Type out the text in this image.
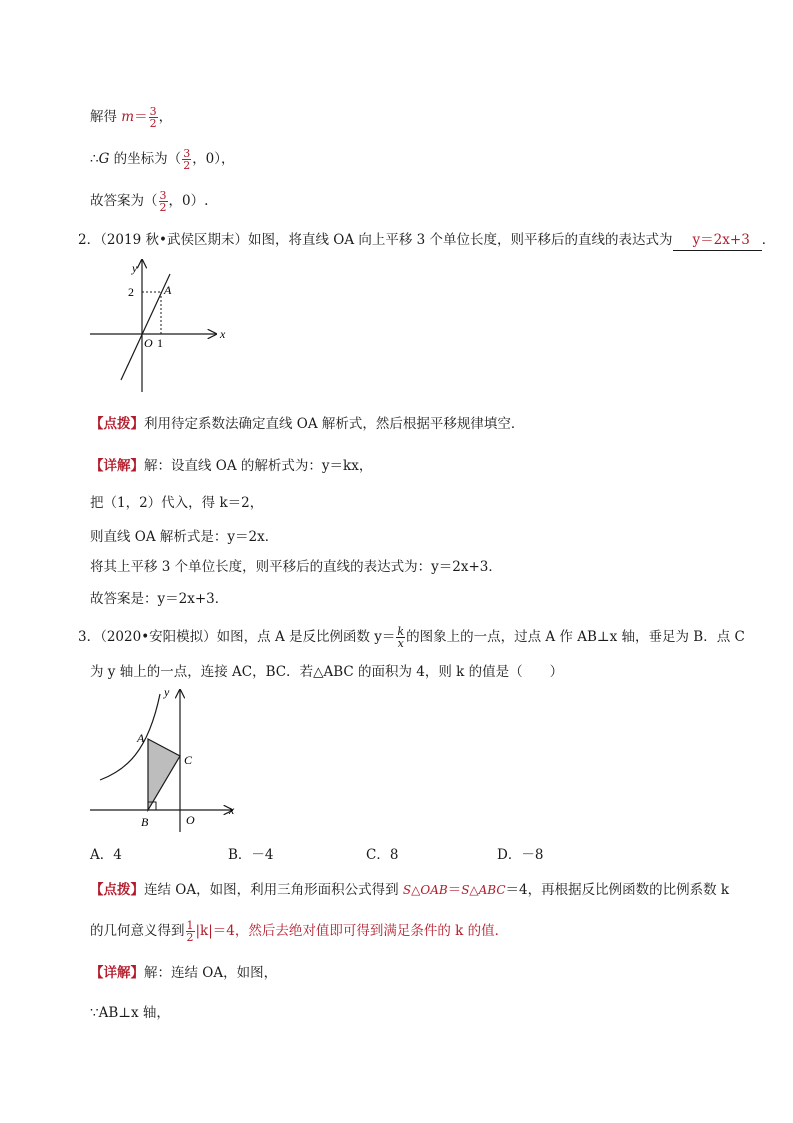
解得 $m= \frac{3}{2}$ ，
∴G 的坐标为（ $\frac{3}{2}$ ，0），
故答案为（ $\frac{3}{2}$ ，0）.
2．（2019 秋•武侯区期末）如图，将直线 OA 向上平移 3 个单位长度，则平移后的直线的表达式为 y＝2x+3 ．
y
x
O 1
2	A
【点拨】利用待定系数法确定直线 OA 解析式，然后根据平移规律填空．
【详解】解：设直线 OA 的解析式为：y＝kx，
把（1，2）代入，得 k＝2，
则直线 OA 解析式是：y＝2x．
将其上平移 3 个单位长度，则平移后的直线的表达式为：y＝2x+3．
故答案是：y＝2x+3．
3．（2020•安阳模拟）如图，点 A 是反比例函数 $y= \frac{k}{x}$ 的图象上的一点，过点 A 作 AB⊥x 轴，垂足为 B．点 C
为 y 轴上的一点，连接 AC，BC．若△ABC 的面积为 4，则 k 的值是（　　）
y
x
O
A
B
C
A．4	B．－4	C．8	D．－8
【点拨】连结 OA，如图，利用三角形面积公式得到 S△OAB＝S△ABC＝4，再根据反比例函数的比例系数 k
的几何意义得到 $\frac{1}{2} |k|=4$，然后去绝对值即可得到满足条件的 k 的值．
【详解】解：连结 OA，如图，
∵AB⊥x 轴，
